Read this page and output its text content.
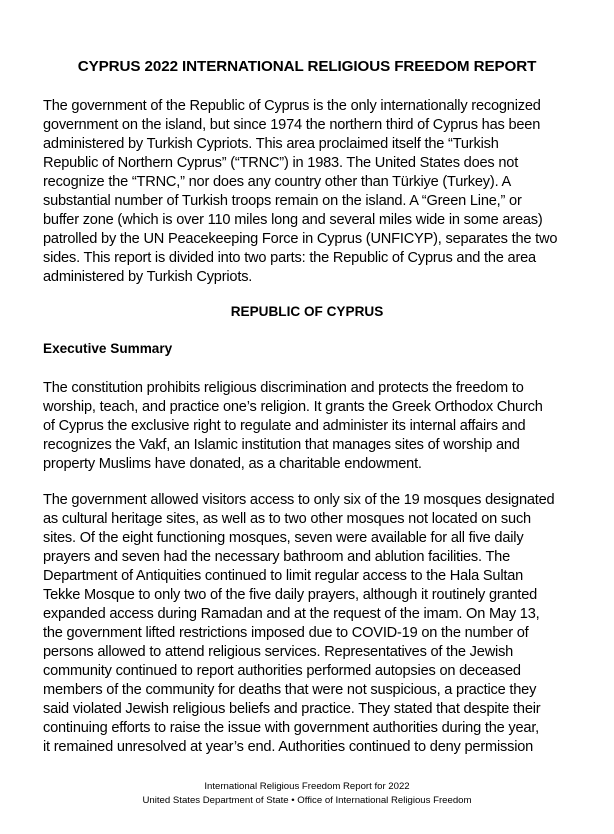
CYPRUS 2022 INTERNATIONAL RELIGIOUS FREEDOM REPORT
The government of the Republic of Cyprus is the only internationally recognized
government on the island, but since 1974 the northern third of Cyprus has been
administered by Turkish Cypriots. This area proclaimed itself the “Turkish
Republic of Northern Cyprus” (“TRNC”) in 1983. The United States does not
recognize the “TRNC,” nor does any country other than Türkiye (Turkey). A
substantial number of Turkish troops remain on the island. A “Green Line,” or
buffer zone (which is over 110 miles long and several miles wide in some areas)
patrolled by the UN Peacekeeping Force in Cyprus (UNFICYP), separates the two
sides. This report is divided into two parts: the Republic of Cyprus and the area
administered by Turkish Cypriots.
REPUBLIC OF CYPRUS
Executive Summary
The constitution prohibits religious discrimination and protects the freedom to
worship, teach, and practice one’s religion. It grants the Greek Orthodox Church
of Cyprus the exclusive right to regulate and administer its internal affairs and
recognizes the Vakf, an Islamic institution that manages sites of worship and
property Muslims have donated, as a charitable endowment.
The government allowed visitors access to only six of the 19 mosques designated
as cultural heritage sites, as well as to two other mosques not located on such
sites. Of the eight functioning mosques, seven were available for all five daily
prayers and seven had the necessary bathroom and ablution facilities. The
Department of Antiquities continued to limit regular access to the Hala Sultan
Tekke Mosque to only two of the five daily prayers, although it routinely granted
expanded access during Ramadan and at the request of the imam. On May 13,
the government lifted restrictions imposed due to COVID-19 on the number of
persons allowed to attend religious services. Representatives of the Jewish
community continued to report authorities performed autopsies on deceased
members of the community for deaths that were not suspicious, a practice they
said violated Jewish religious beliefs and practice. They stated that despite their
continuing efforts to raise the issue with government authorities during the year,
it remained unresolved at year’s end. Authorities continued to deny permission
International Religious Freedom Report for 2022
United States Department of State • Office of International Religious Freedom
